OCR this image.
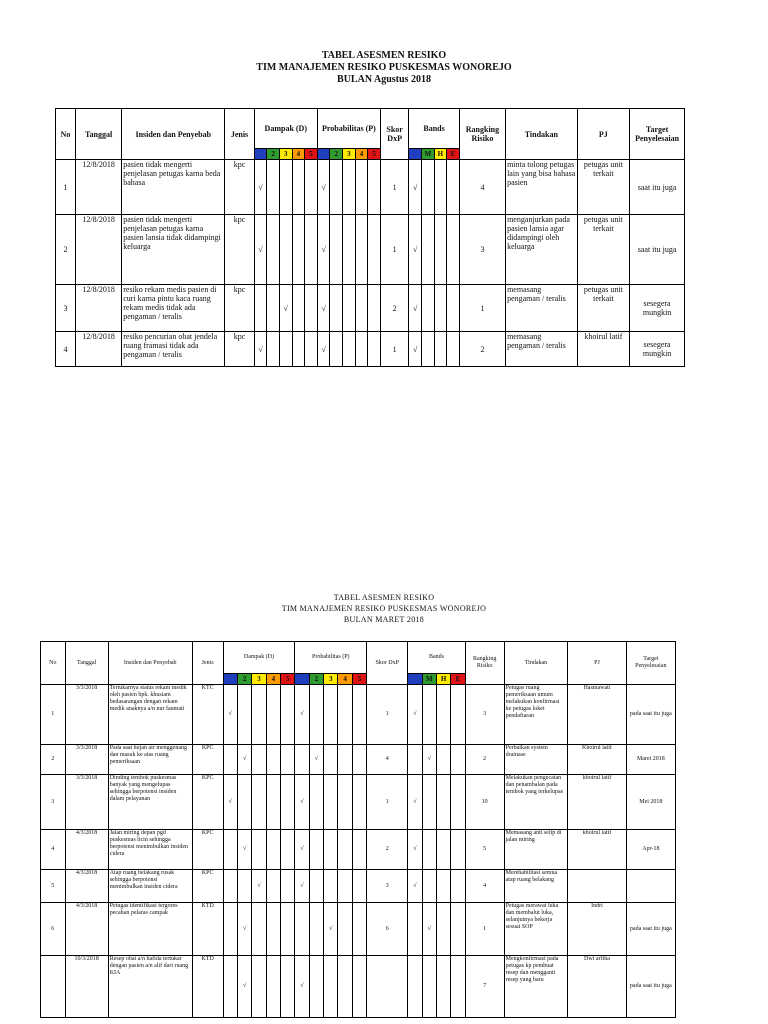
TABEL ASESMEN RESIKO
TIM MANAJEMEN RESIKO PUSKESMAS WONOREJO
BULAN Agustus 2018
No	Tanggal	Insiden dan Penyebab	Jenis	Dampak (D)					Probabilitas (P)					Skor DxP	Bands				Rangking Risiko	Tindakan	PJ	Target Penyelesaian
				1	2	3	4	5	1	2	3	4	5		L	M	H	E				
1	12/8/2018	pasien tidak mengerti penjelasan petugas karna beda bahasa	kpc	√					√					1	√				4	minta tolong petugas lain yang bisa bahasa pasien	petugas unit terkait	saat itu juga
2	12/8/2018	pasien tidak mengerti penjelasan petugas karna pasien lansia tidak didampingi keluarga	kpc	√					√					1	√				3	menganjurkan pada pasien lansia agar didampingi oleh keluarga	petugas unit terkait	saat itu juga
3	12/8/2018	resiko rekam medis pasien di curi karna pintu kaca ruang rekam medis tidak ada pengaman / teralis	kpc			√			√					2	√				1	memasang pengaman / teralis	petugas unit terkait	sesegera mungkin
4	12/8/2018	resiko pencurian obat jendela ruang framasi tidak ada pengaman / teralis	kpc	√					√					1	√				2	memasang pengaman / teralis	khoirul latif	sesegera mungkin
TABEL ASESMEN RESIKO
TIM MANAJEMEN RESIKO PUSKESMAS WONOREJO
BULAN MARET 2018
No	Tanggal	Insiden dan Penyebab	Jenis	Dampak (D)					Probabilitas (P)					Skor DxP	Bands				Rangking Risiko	Tindakan	PJ	Target Penyelesaian
				1	2	3	4	5	1	2	3	4	5		L	M	H	E				
1	3/3/2018	Tertukarnya status rekam medik oleh pasien bpk. khusiam bedasarangan dengan rekam medik anaknya a/n nur faumati	KTC	√					√					1	√				3	Petugas ruang pemeriksaan umum melakukan konfirmasi ke petugas loket pendaftaran	Hasmawati	pada saat itu juga
2	3/3/2018	Pada saat hujan air menggenang dan masuk ke atas ruang pemeriksaan	KPC		√					√				4		√			2	Perbaikan system drainase	Khoirul latif	Maret 2018
3	3/3/2018	Dinding tembok puskesmas banyak yang mengelupas sehingga berpotensi insiden dalam pelayanan	KPC	√					√					1	√				10	Melakukan pengecatan dan penambalan pada tembok yang terkelupas	khoirul latif	Mei 2018
4	4/3/2018	Jalan miring depan pgd puskesmas licin sehingga berpotensi menimbulkan insiden cidera	KPC		√				√					2	√				5	Memasang anti selip di jalan miring	khoirul latif	Apr-18
5	4/3/2018	Atap ruang belakang rusak sehingga berpotensi menimbulkan insiden cidera	KPC			√			√					3	√				4	Merehabilitasi semua atap ruang belakang		
6	4/3/2018	Petugas identifikasi tergores pecahan pelaras campak	KTD		√						√			6		√			1	Petugas merawat luka dan membalut luka, selanjutnya bekerja sesuai SOP	Indri	pada saat itu juga
	10/3/2018	Resep obat a/n hafida tertukar dengan pasien a/n alif dari ruang KIA	KTD		√				√										7	Mengkonfirmasi pada petugas kp pembuat resep dan mengganti resep yang baru	Dwi arfiha	pada saat itu juga
